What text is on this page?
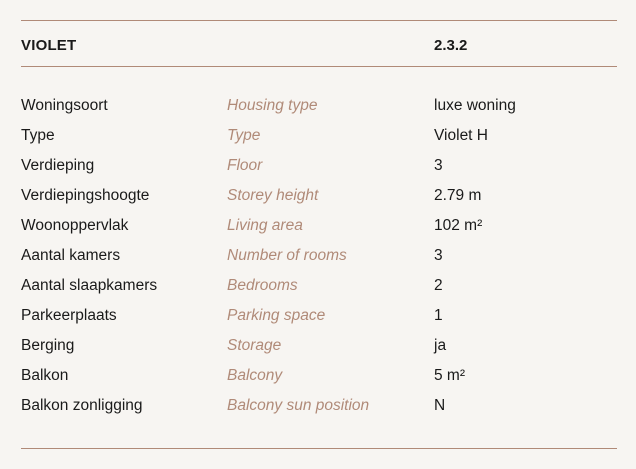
VIOLET	2.3.2
Woningsoort	Housing type	luxe woning
Type	Type	Violet H
Verdieping	Floor	3
Verdiepingshoogte	Storey height	2.79 m
Woonoppervlak	Living area	102 m²
Aantal kamers	Number of rooms	3
Aantal slaapkamers	Bedrooms	2
Parkeerplaats	Parking space	1
Berging	Storage	ja
Balkon	Balcony	5 m²
Balkon zonligging	Balcony sun position	N
